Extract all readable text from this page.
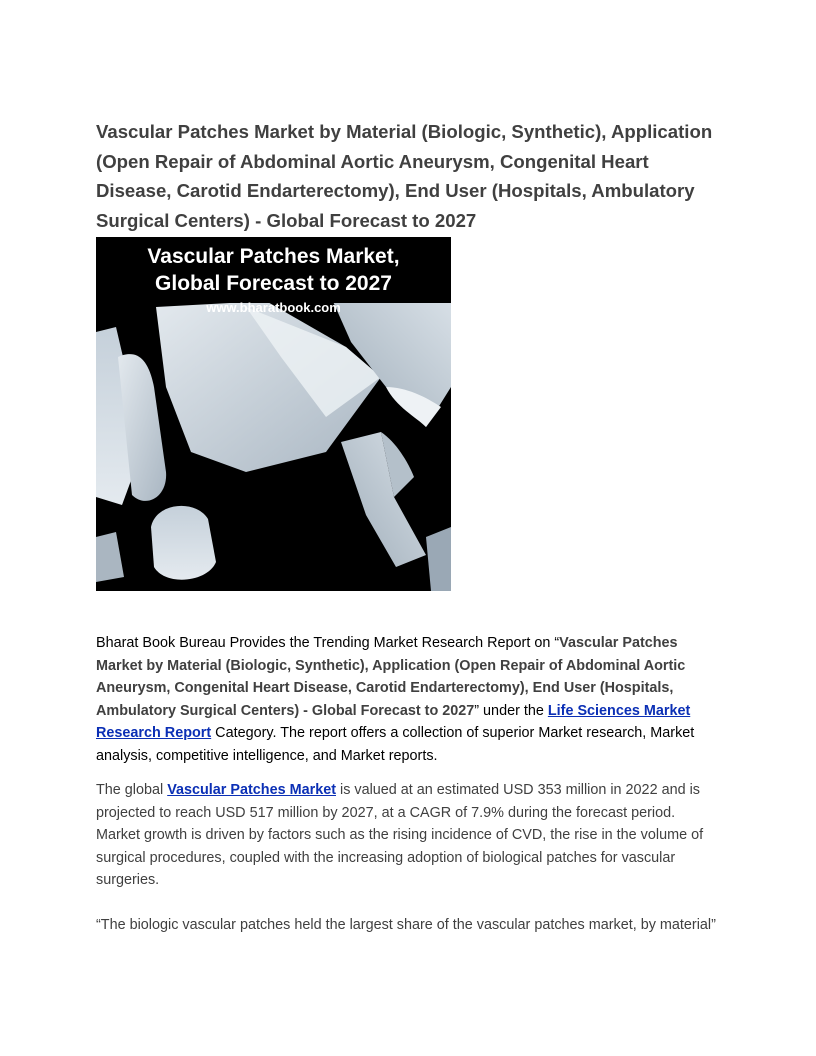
Vascular Patches Market by Material (Biologic, Synthetic), Application (Open Repair of Abdominal Aortic Aneurysm, Congenital Heart Disease, Carotid Endarterectomy), End User (Hospitals, Ambulatory Surgical Centers) - Global Forecast to 2027
Vascular Patches Market,
Global Forecast to 2027
www.bharatbook.com

Bharat Book Bureau Provides the Trending Market Research Report on “Vascular Patches Market by Material (Biologic, Synthetic), Application (Open Repair of Abdominal Aortic Aneurysm, Congenital Heart Disease, Carotid Endarterectomy), End User (Hospitals, Ambulatory Surgical Centers) - Global Forecast to 2027” under the Life Sciences Market Research Report Category. The report offers a collection of superior Market research, Market analysis, competitive intelligence, and Market reports.

The global Vascular Patches Market is valued at an estimated USD 353 million in 2022 and is projected to reach USD 517 million by 2027, at a CAGR of 7.9% during the forecast period. Market growth is driven by factors such as the rising incidence of CVD, the rise in the volume of surgical procedures, coupled with the increasing adoption of biological patches for vascular surgeries.

“The biologic vascular patches held the largest share of the vascular patches market, by material”
